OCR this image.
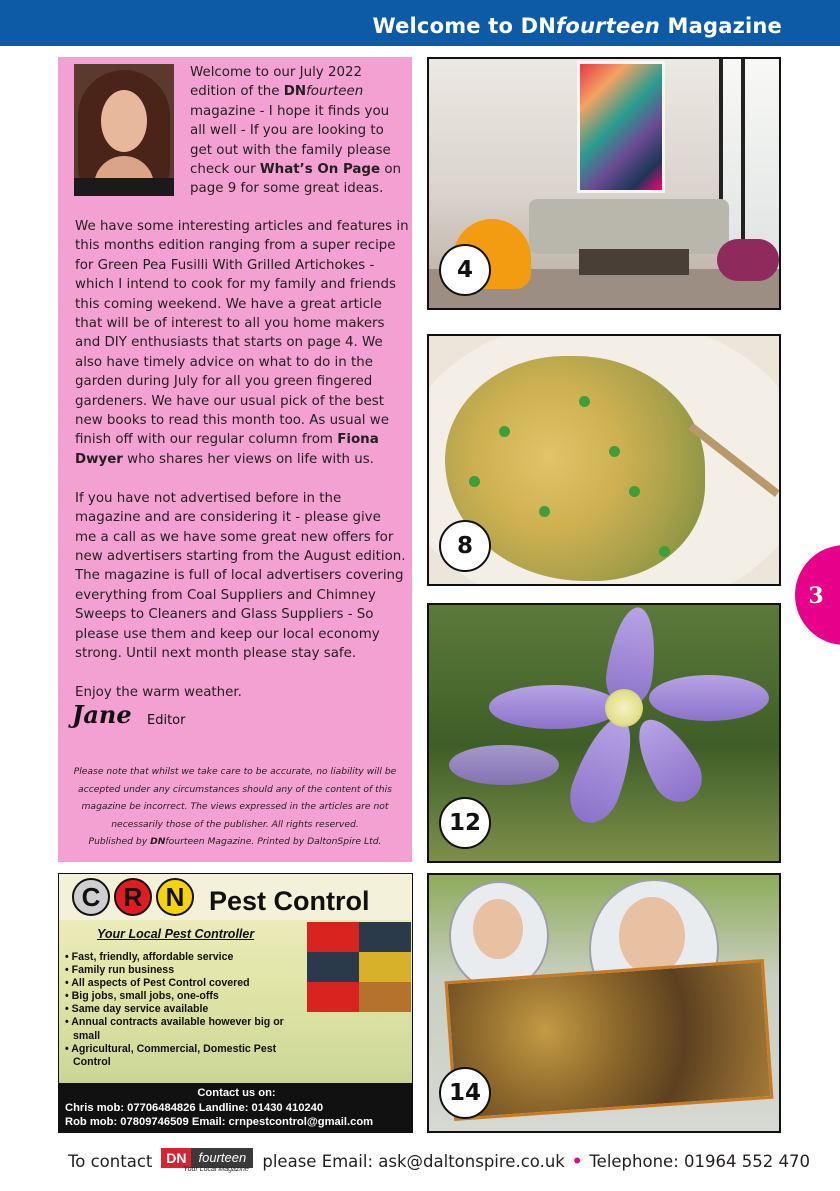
Welcome to DNfourteen Magazine
Welcome to our July 2022
edition of the DNfourteen
magazine - I hope it finds you
all well - If you are looking to
get out with the family please
check our What’s On Page on
page 9 for some great ideas.
We have some interesting articles and features in
this months edition ranging from a super recipe
for Green Pea Fusilli With Grilled Artichokes -
which I intend to cook for my family and friends
this coming weekend. We have a great article
that will be of interest to all you home makers
and DIY enthusiasts that starts on page 4. We
also have timely advice on what to do in the
garden during July for all you green fingered
gardeners. We have our usual pick of the best
new books to read this month too. As usual we
finish off with our regular column from Fiona
Dwyer who shares her views on life with us.

If you have not advertised before in the
magazine and are considering it - please give
me a call as we have some great new offers for
new advertisers starting from the August edition.
The magazine is full of local advertisers covering
everything from Coal Suppliers and Chimney
Sweeps to Cleaners and Glass Suppliers - So
please use them and keep our local economy
strong. Until next month please stay safe.

Enjoy the warm weather.
Jane Editor
Please note that whilst we take care to be accurate, no liability will be
accepted under any circumstances should any of the content of this
magazine be incorrect. The views expressed in the articles are not
necessarily those of the publisher. All rights reserved.
Published by DNfourteen Magazine. Printed by DaltonSpire Ltd.
4
8
12
14
C R N Pest Control
Your Local Pest Controller
• Fast, friendly, affordable service
• Family run business
• All aspects of Pest Control covered
• Big jobs, small jobs, one-offs
• Same day service available
• Annual contracts available however big or small
• Agricultural, Commercial, Domestic Pest Control
Contact us on:
Chris mob: 07706484826 Landline: 01430 410240
Rob mob: 07809746509 Email: crnpestcontrol@gmail.com
3
To contact DN fourteen
Your Local Magazine please Email: ask@daltonspire.co.uk • Telephone: 01964 552 470
